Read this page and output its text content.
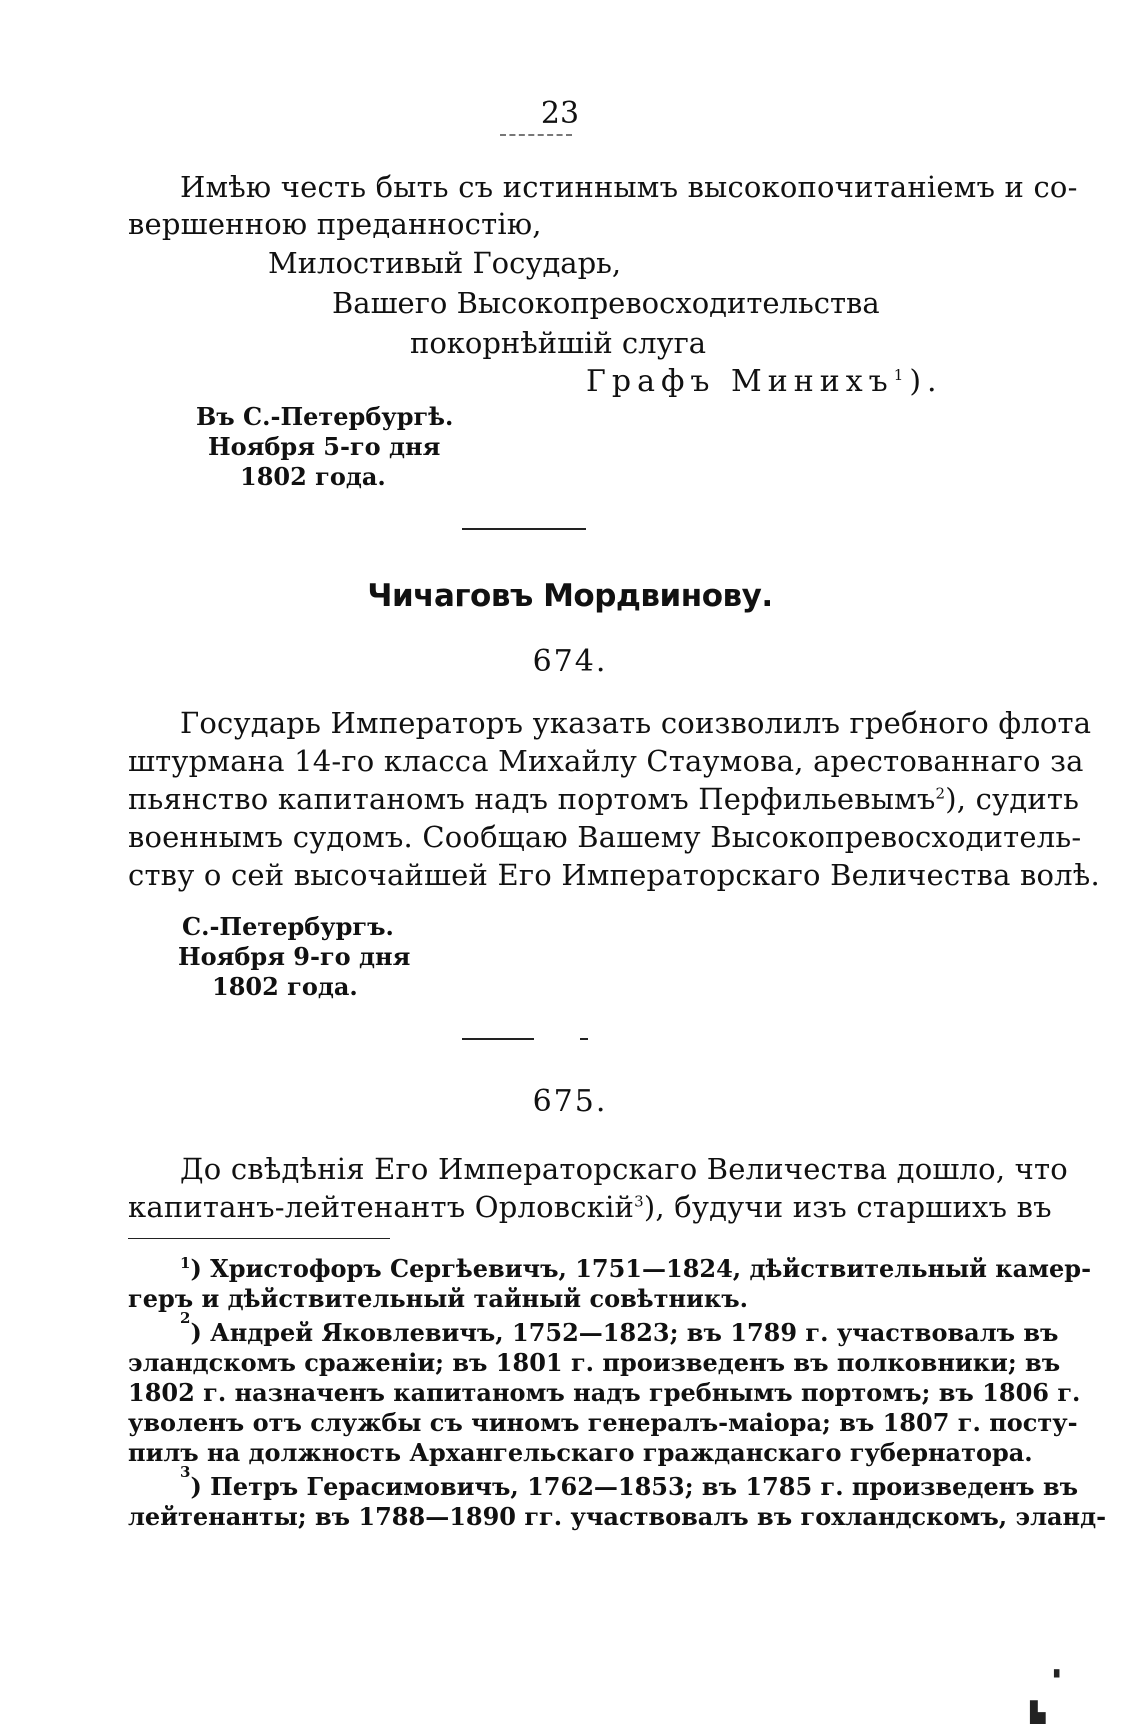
23
Имѣю честь быть съ истиннымъ высокопочитаніемъ и со-
вершенною преданностію,
Милостивый Государь,
Вашего Высокопревосходительства
покорнѣйшій слуга
Графъ Минихъ$^1$).
Въ С.-Петербургѣ.
Ноября 5-го дня
1802 года.
Чичаговъ Мордвинову.
674.
Государь Императоръ указать соизволилъ гребного флота
штурмана 14-го класса Михайлу Стаумова, арестованнаго за
пьянство капитаномъ надъ портомъ Перфильевымъ $^2$), судить
военнымъ судомъ. Сообщаю Вашему Высокопревосходитель-
ству о сей высочайшей Его Императорскаго Величества волѣ.
С.-Петербургъ.
Ноября 9-го дня
1802 года.
675.
До свѣдѣнія Его Императорскаго Величества дошло, что
капитанъ-лейтенантъ Орловскій$^3$ ), будучи изъ старшихъ въ
$^1$) Христофоръ Сергѣевичъ, 1751—1824, дѣйствительный камер-
геръ и дѣйствительный тайный совѣтникъ.
2 ) Андрей Яковлевичъ, 1752—1823; въ 1789 г. участвовалъ въ
эландскомъ сраженіи; въ 1801 г. произведенъ въ полковники; въ
1802 г. назначенъ капитаномъ надъ гребнымъ портомъ; въ 1806 г.
уволенъ отъ службы съ чиномъ генералъ-маіора; въ 1807 г. посту-
пилъ на должность Архангельскаго гражданскаго губернатора.
3 ) Петръ Герасимовичъ, 1762—1853; въ 1785 г. произведенъ въ
лейтенанты; въ 1788—1890 гг. участвовалъ въ гохландскомъ, эланд-
▙
▖
